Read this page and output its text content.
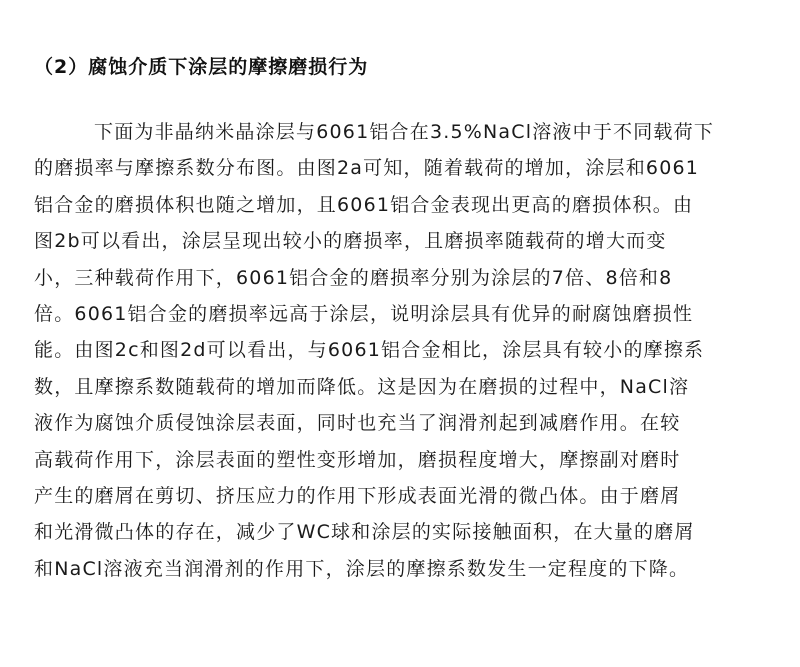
（2）腐蚀介质下涂层的摩擦磨损行为
下面为非晶纳米晶涂层与6061铝合在3.5%NaCl溶液中于不同载荷下
的磨损率与摩擦系数分布图。由图2a可知，随着载荷的增加，涂层和6061
铝合金的磨损体积也随之增加，且6061铝合金表现出更高的磨损体积。由
图2b可以看出，涂层呈现出较小的磨损率，且磨损率随载荷的增大而变
小，三种载荷作用下，6061铝合金的磨损率分别为涂层的7倍、8倍和8
倍。6061铝合金的磨损率远高于涂层，说明涂层具有优异的耐腐蚀磨损性
能。由图2c和图2d可以看出，与6061铝合金相比，涂层具有较小的摩擦系
数，且摩擦系数随载荷的增加而降低。这是因为在磨损的过程中，NaCl溶
液作为腐蚀介质侵蚀涂层表面，同时也充当了润滑剂起到减磨作用。在较
高载荷作用下，涂层表面的塑性变形增加，磨损程度增大，摩擦副对磨时
产生的磨屑在剪切、挤压应力的作用下形成表面光滑的微凸体。由于磨屑
和光滑微凸体的存在，减少了WC球和涂层的实际接触面积，在大量的磨屑
和NaCl溶液充当润滑剂的作用下，涂层的摩擦系数发生一定程度的下降。
